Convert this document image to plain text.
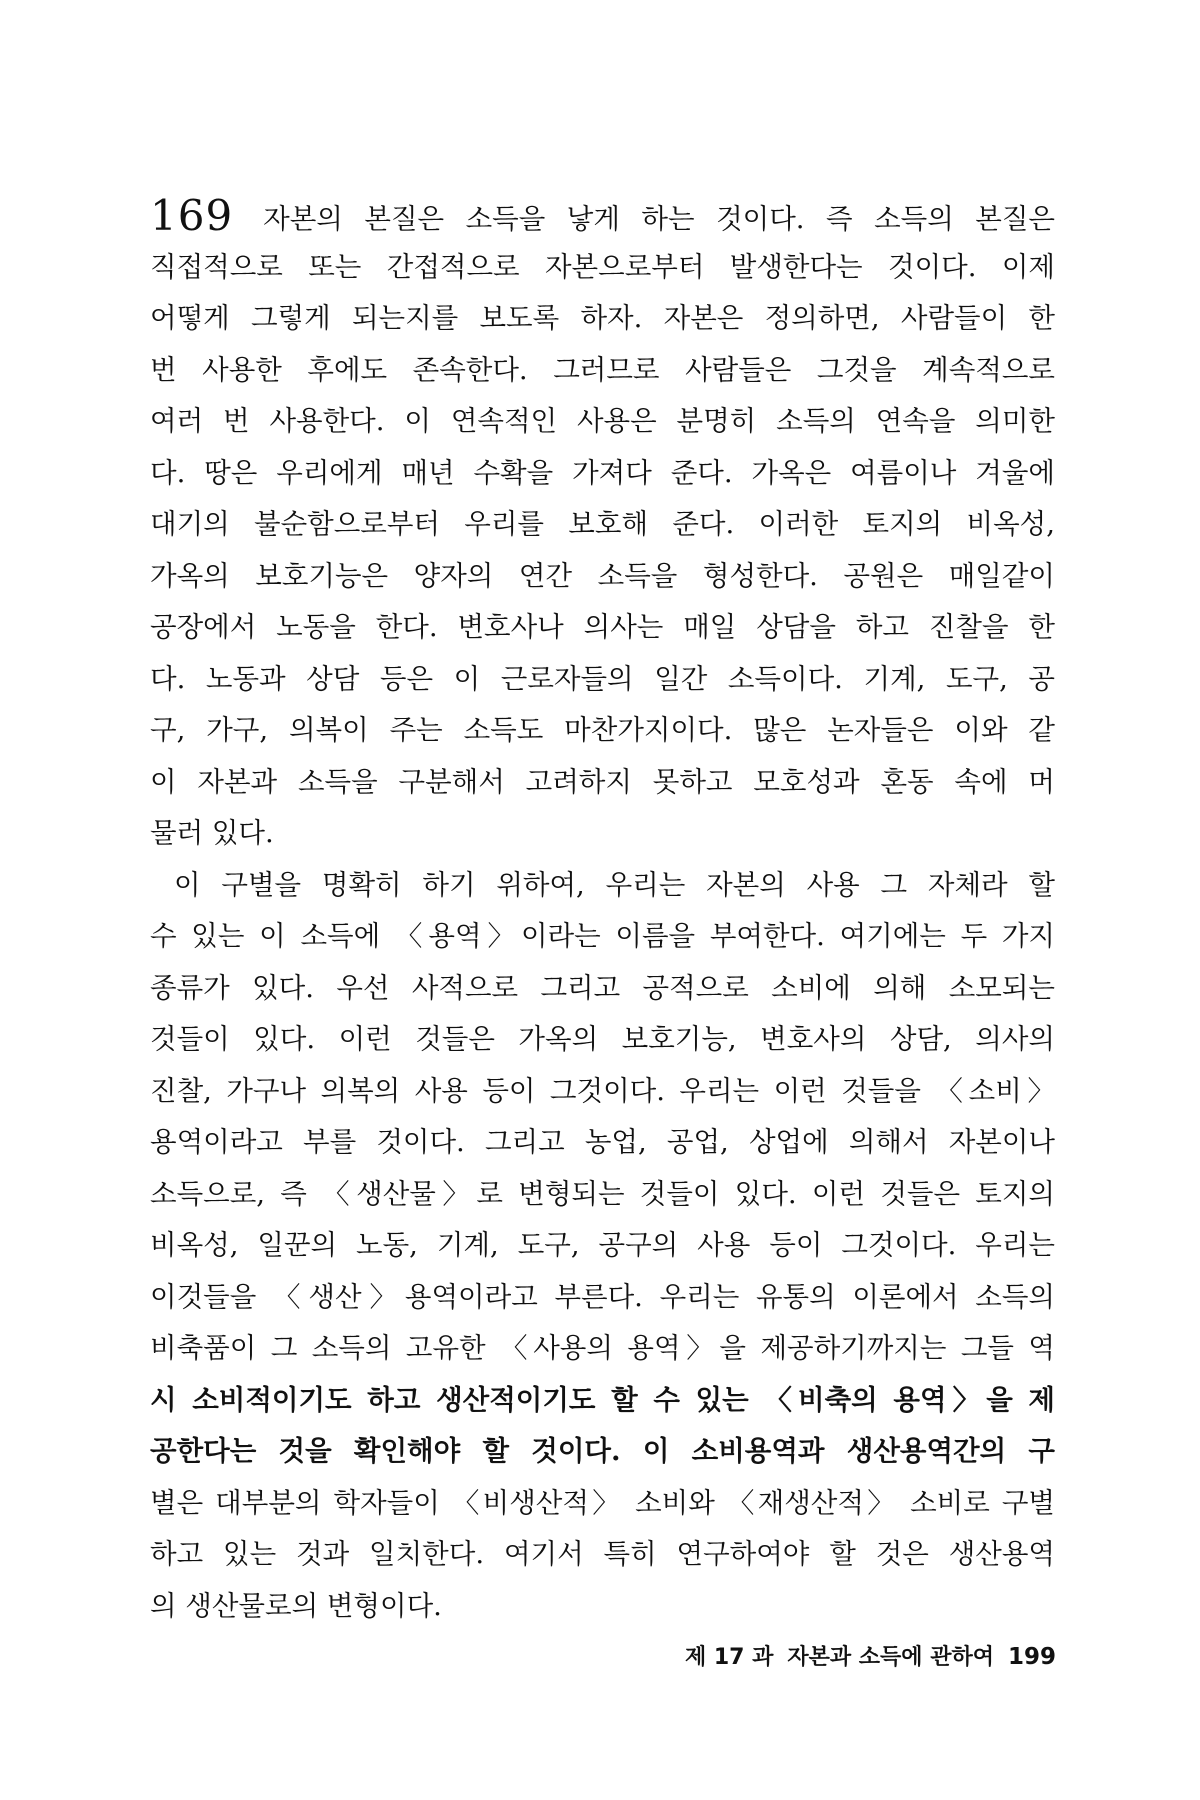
169 자본의 본질은 소득을 낳게 하는 것이다. 즉 소득의 본질은
직접적으로 또는 간접적으로 자본으로부터 발생한다는 것이다. 이제
어떻게 그렇게 되는지를 보도록 하자. 자본은 정의하면, 사람들이 한
번 사용한 후에도 존속한다. 그러므로 사람들은 그것을 계속적으로
여러 번 사용한다. 이 연속적인 사용은 분명히 소득의 연속을 의미한
다. 땅은 우리에게 매년 수확을 가져다 준다. 가옥은 여름이나 겨울에
대기의 불순함으로부터 우리를 보호해 준다. 이러한 토지의 비옥성,
가옥의 보호기능은 양자의 연간 소득을 형성한다. 공원은 매일같이
공장에서 노동을 한다. 변호사나 의사는 매일 상담을 하고 진찰을 한
다. 노동과 상담 등은 이 근로자들의 일간 소득이다. 기계, 도구, 공
구, 가구, 의복이 주는 소득도 마찬가지이다. 많은 논자들은 이와 같
이 자본과 소득을 구분해서 고려하지 못하고 모호성과 혼동 속에 머
물러 있다.
이 구별을 명확히 하기 위하여, 우리는 자본의 사용 그 자체라 할
수 있는 이 소득에 〈용역〉이라는 이름을 부여한다. 여기에는 두 가지
종류가 있다. 우선 사적으로 그리고 공적으로 소비에 의해 소모되는
것들이 있다. 이런 것들은 가옥의 보호기능, 변호사의 상담, 의사의
진찰, 가구나 의복의 사용 등이 그것이다. 우리는 이런 것들을 〈소비〉
용역이라고 부를 것이다. 그리고 농업, 공업, 상업에 의해서 자본이나
소득으로, 즉 〈생산물〉로 변형되는 것들이 있다. 이런 것들은 토지의
비옥성, 일꾼의 노동, 기계, 도구, 공구의 사용 등이 그것이다. 우리는
이것들을 〈생산〉용역이라고 부른다. 우리는 유통의 이론에서 소득의
비축품이 그 소득의 고유한 〈사용의 용역〉을 제공하기까지는 그들 역
시 소비적이기도 하고 생산적이기도 할 수 있는 〈비축의 용역〉을 제
공한다는 것을 확인해야 할 것이다. 이 소비용역과 생산용역간의 구
별은 대부분의 학자들이 〈비생산적〉 소비와 〈재생산적〉 소비로 구별
하고 있는 것과 일치한다. 여기서 특히 연구하여야 할 것은 생산용역
의 생산물로의 변형이다.
제 17 과 자본과 소득에 관하여 199
